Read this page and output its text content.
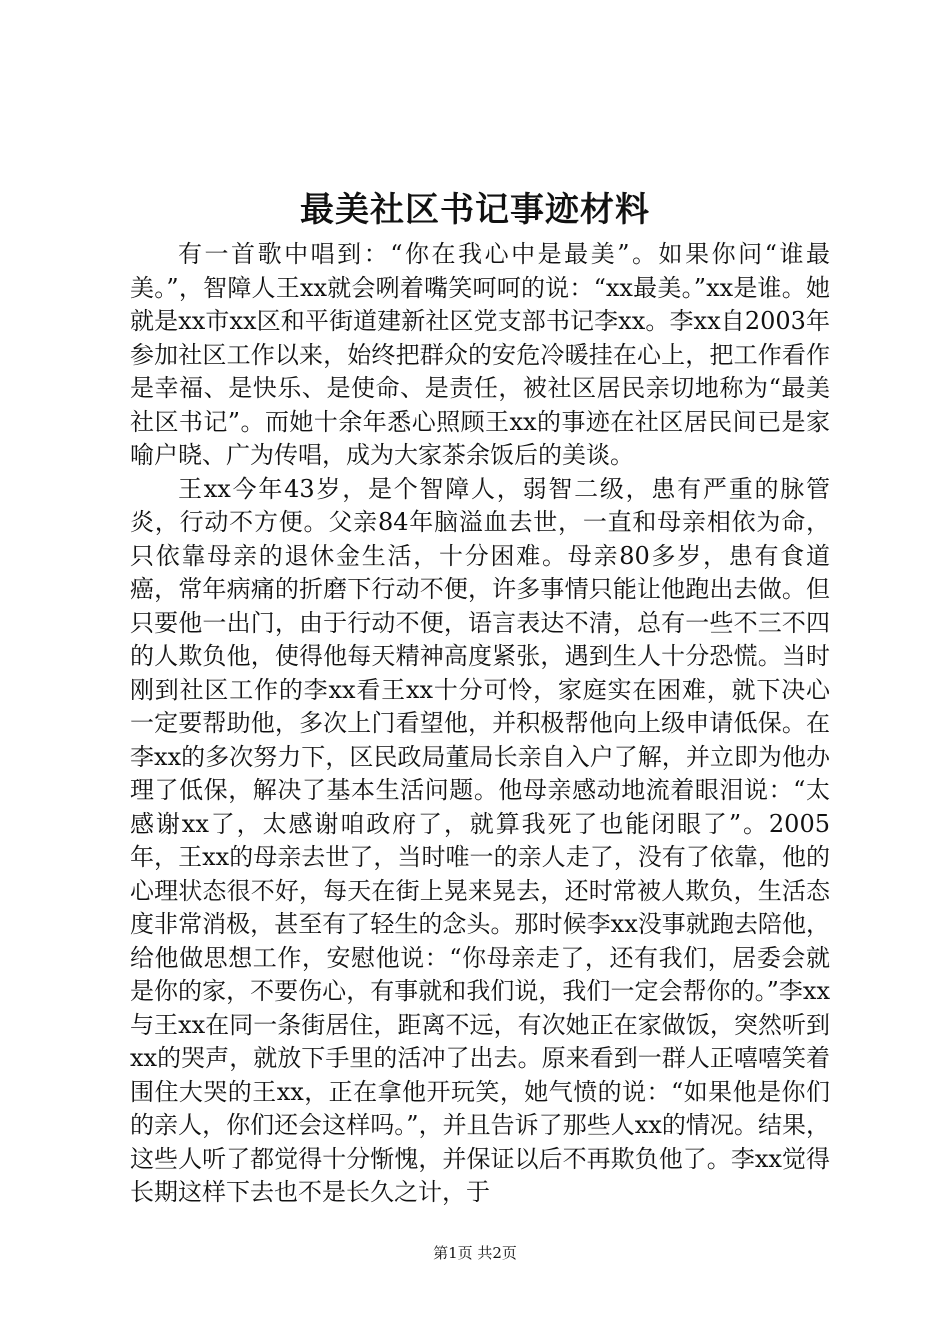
最美社区书记事迹材料

有一首歌中唱到：“你在我心中是最美”。如果你问“谁最美。”，智障人王xx就会咧着嘴笑呵呵的说：“xx最美。”xx是谁。她就是xx市xx区和平街道建新社区党支部书记李xx。李xx自2003年参加社区工作以来，始终把群众的安危冷暖挂在心上，把工作看作是幸福、是快乐、是使命、是责任，被社区居民亲切地称为“最美社区书记”。而她十余年悉心照顾王xx的事迹在社区居民间已是家喻户晓、广为传唱，成为大家茶余饭后的美谈。

王xx今年43岁，是个智障人，弱智二级，患有严重的脉管炎，行动不方便。父亲84年脑溢血去世，一直和母亲相依为命，只依靠母亲的退休金生活，十分困难。母亲80多岁，患有食道癌，常年病痛的折磨下行动不便，许多事情只能让他跑出去做。但只要他一出门，由于行动不便，语言表达不清，总有一些不三不四的人欺负他，使得他每天精神高度紧张，遇到生人十分恐慌。当时刚到社区工作的李xx看王xx十分可怜，家庭实在困难，就下决心一定要帮助他，多次上门看望他，并积极帮他向上级申请低保。在李xx的多次努力下，区民政局董局长亲自入户了解，并立即为他办理了低保，解决了基本生活问题。他母亲感动地流着眼泪说：“太感谢xx了，太感谢咱政府了，就算我死了也能闭眼了”。2005年，王xx的母亲去世了，当时唯一的亲人走了，没有了依靠，他的心理状态很不好，每天在街上晃来晃去，还时常被人欺负，生活态度非常消极，甚至有了轻生的念头。那时候李xx没事就跑去陪他，给他做思想工作，安慰他说：“你母亲走了，还有我们，居委会就是你的家，不要伤心，有事就和我们说，我们一定会帮你的。”李xx与王xx在同一条街居住，距离不远，有次她正在家做饭，突然听到xx的哭声，就放下手里的活冲了出去。原来看到一群人正嘻嘻笑着围住大哭的王xx，正在拿他开玩笑，她气愤的说：“如果他是你们的亲人，你们还会这样吗。”，并且告诉了那些人xx的情况。结果，这些人听了都觉得十分惭愧，并保证以后不再欺负他了。李xx觉得长期这样下去也不是长久之计，于

第1页 共2页
